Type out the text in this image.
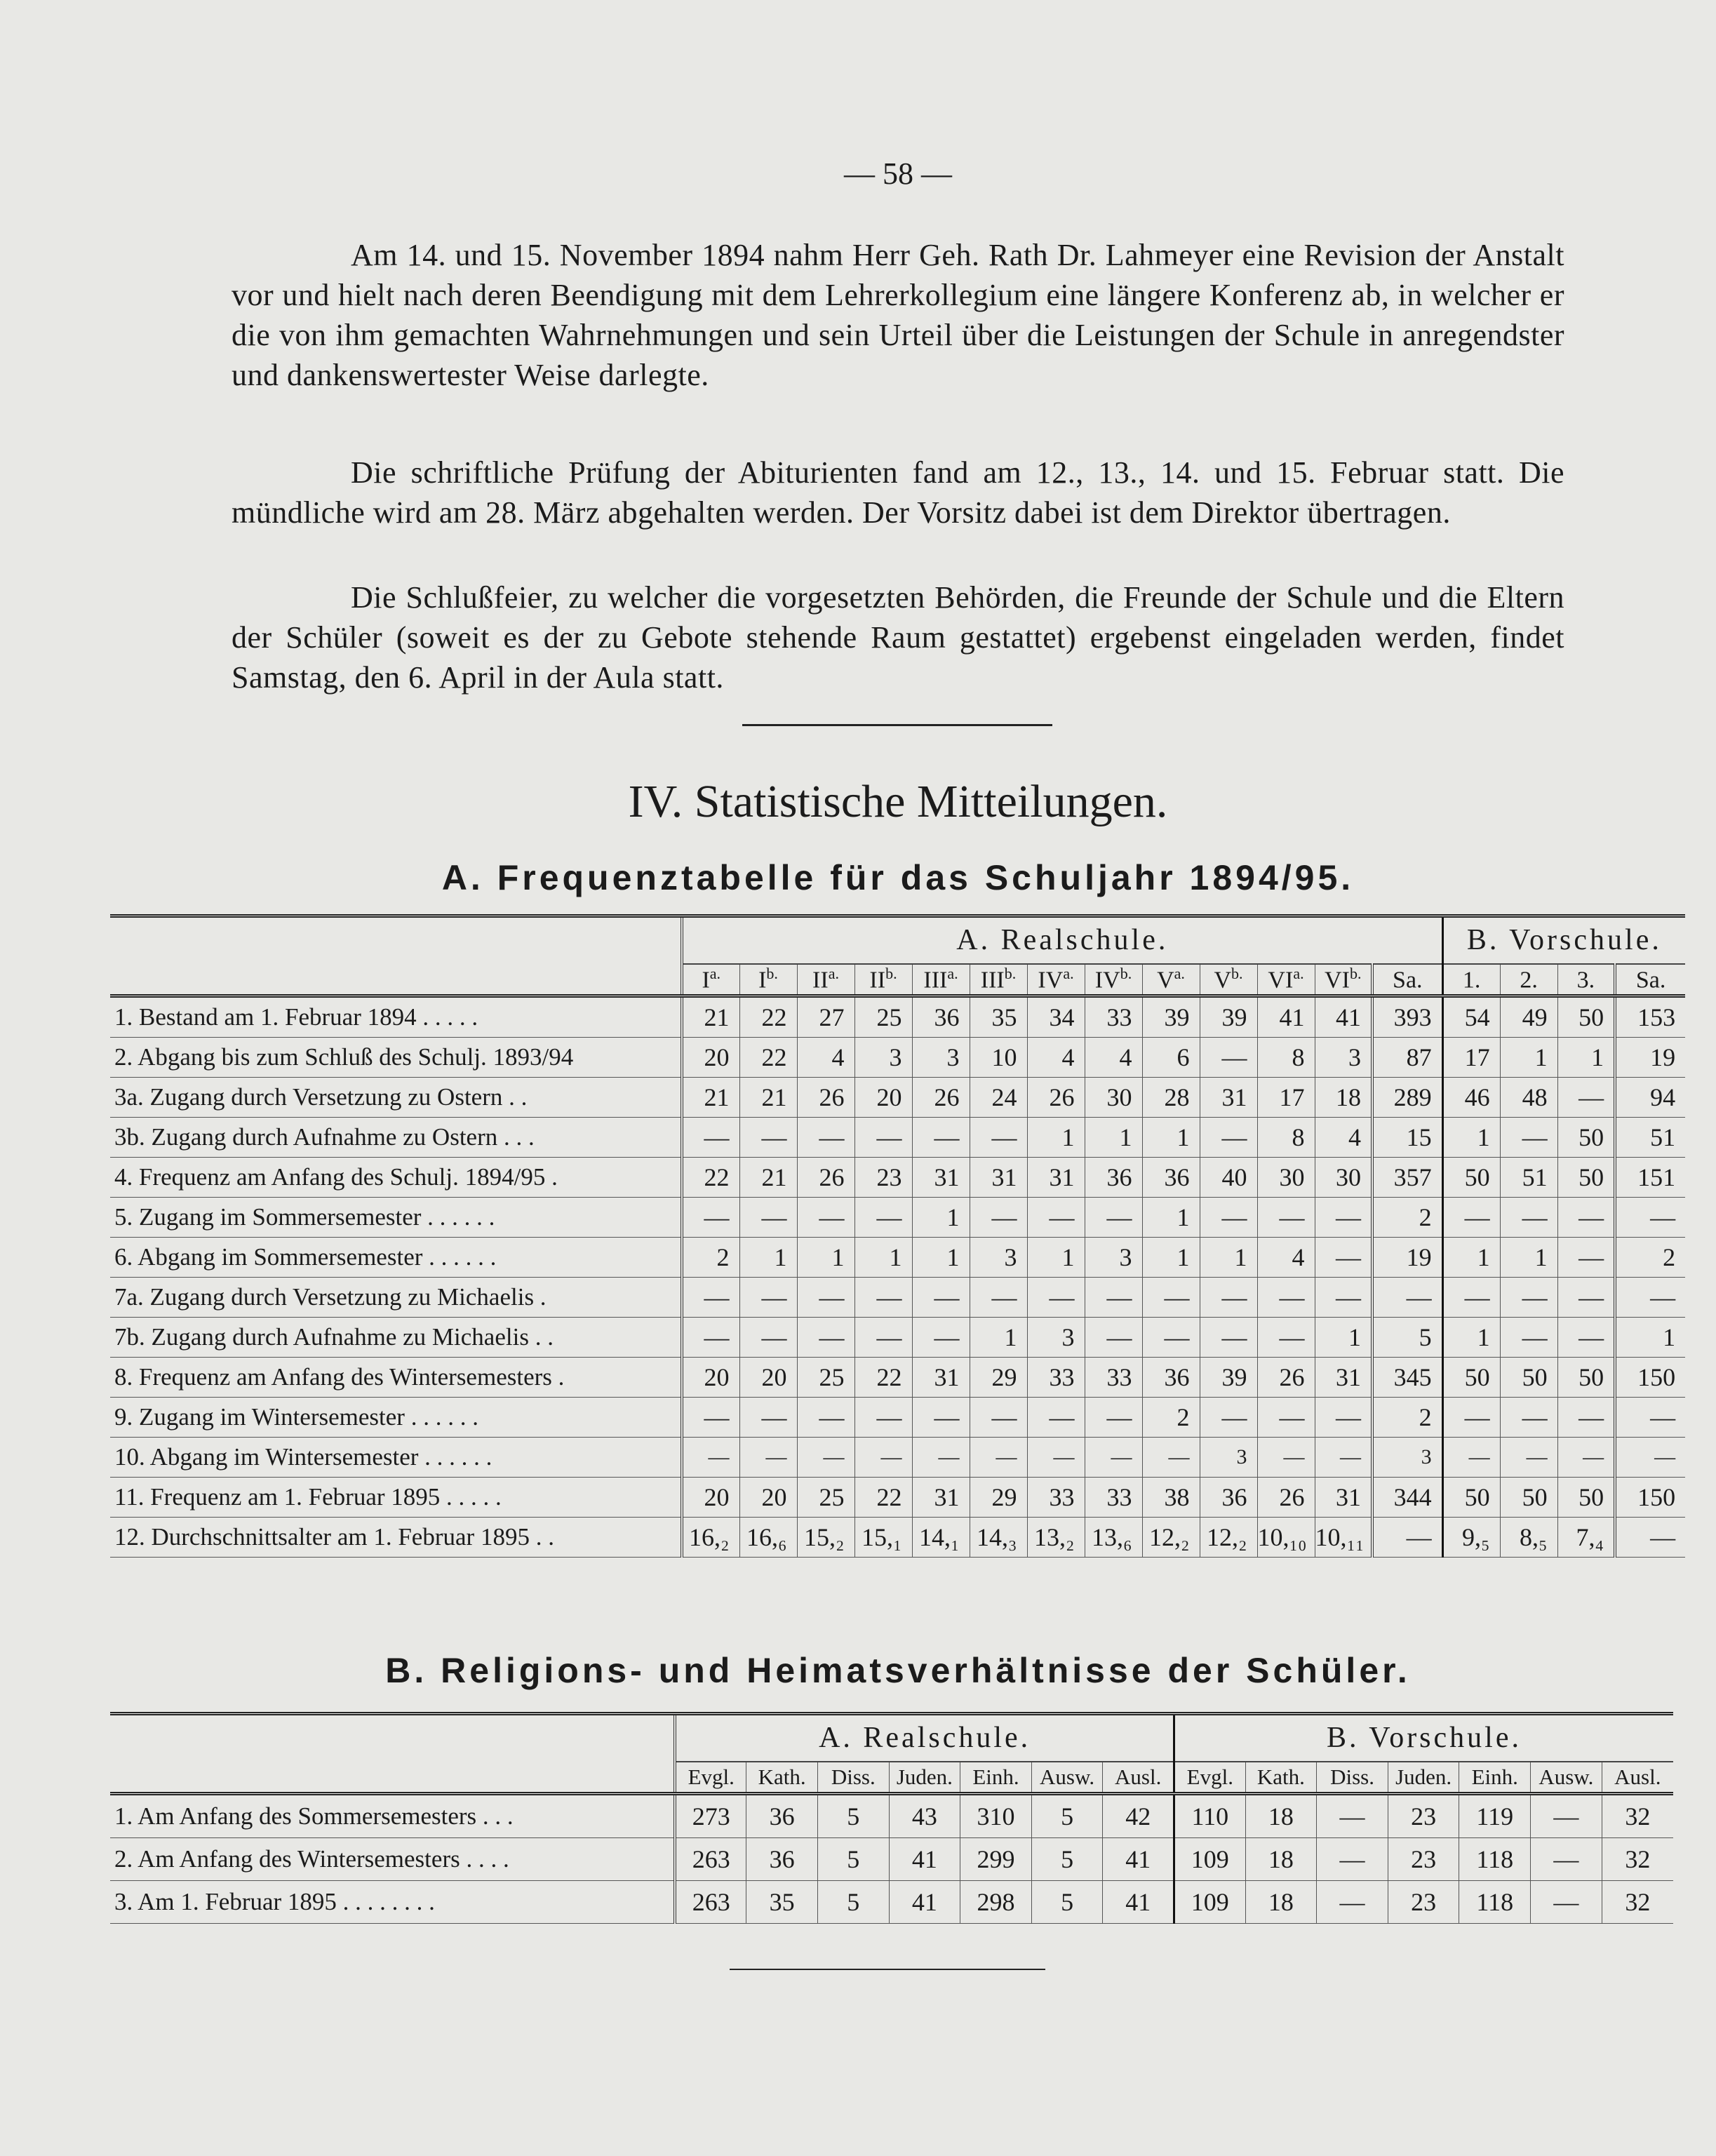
— 58 —
Am 14. und 15. November 1894 nahm Herr Geh. Rath Dr. Lahmeyer eine Revision der Anstalt vor und hielt nach deren Beendigung mit dem Lehrerkollegium eine längere Konferenz ab, in welcher er die von ihm gemachten Wahrnehmungen und sein Urteil über die Leistungen der Schule in anregendster und dankenswertester Weise darlegte.
Die schriftliche Prüfung der Abiturienten fand am 12., 13., 14. und 15. Februar statt. Die mündliche wird am 28. März abgehalten werden. Der Vorsitz dabei ist dem Direktor übertragen.
Die Schlußfeier, zu welcher die vorgesetzten Behörden, die Freunde der Schule und die Eltern der Schüler (soweit es der zu Gebote stehende Raum gestattet) ergebenst eingeladen werden, findet Samstag, den 6. April in der Aula statt.
IV. Statistische Mitteilungen.
A. Frequenztabelle für das Schuljahr 1894/95.
	A. Realschule.													B. Vorschule.			
	$I^{a.}$	$I^{b.}$	$II^{a.}$	$II^{b.}$	$III^{a.}$	$III^{b.}$	$IV^{a.}$	$IV^{b.}$	$V^{a.}$	$V^{b.}$	$VI^{a.}$	$VI^{b.}$	Sa.	1.	2.	3.	Sa.
1. Bestand am 1. Februar 1894 . . . . .	21	22	27	25	36	35	34	33	39	39	41	41	393	54	49	50	153
2. Abgang bis zum Schluß des Schulj. 1893/94	20	22	4	3	3	10	4	4	6	—	8	3	87	17	1	1	19
3a. Zugang durch Versetzung zu Ostern . .	21	21	26	20	26	24	26	30	28	31	17	18	289	46	48	—	94
3b. Zugang durch Aufnahme zu Ostern . . .	—	—	—	—	—	—	1	1	1	—	8	4	15	1	—	50	51
4. Frequenz am Anfang des Schulj. 1894/95 .	22	21	26	23	31	31	31	36	36	40	30	30	357	50	51	50	151
5. Zugang im Sommersemester . . . . . .	—	—	—	—	1	—	—	—	1	—	—	—	2	—	—	—	—
6. Abgang im Sommersemester . . . . . .	2	1	1	1	1	3	1	3	1	1	4	—	19	1	1	—	2
7a. Zugang durch Versetzung zu Michaelis .	—	—	—	—	—	—	—	—	—	—	—	—	—	—	—	—	—
7b. Zugang durch Aufnahme zu Michaelis . .	—	—	—	—	—	1	3	—	—	—	—	1	5	1	—	—	1
8. Frequenz am Anfang des Wintersemesters .	20	20	25	22	31	29	33	33	36	39	26	31	345	50	50	50	150
9. Zugang im Wintersemester . . . . . .	—	—	—	—	—	—	—	—	2	—	—	—	2	—	—	—	—
10. Abgang im Wintersemester . . . . . .	—	—	—	—	—	—	—	—	—	3	—	—	3	—	—	—	—
11. Frequenz am 1. Februar 1895 . . . . .	20	20	25	22	31	29	33	33	38	36	26	31	344	50	50	50	150
12. Durchschnittsalter am 1. Februar 1895 . .	16,₂	16,₆	15,₂	15,₁	14,₁	14,₃	13,₂	13,₆	12,₂	12,₂	10,₁₀	10,₁₁	—	9,₅	8,₅	7,₄	—
B. Religions- und Heimatsverhältnisse der Schüler.
	A. Realschule.							B. Vorschule.						
	Evgl.	Kath.	Diss.	Juden.	Einh.	Ausw.	Ausl.	Evgl.	Kath.	Diss.	Juden.	Einh.	Ausw.	Ausl.
1. Am Anfang des Sommersemesters . . .	273	36	5	43	310	5	42	110	18	—	23	119	—	32
2. Am Anfang des Wintersemesters . . . .	263	36	5	41	299	5	41	109	18	—	23	118	—	32
3. Am 1. Februar 1895 . . . . . . . .	263	35	5	41	298	5	41	109	18	—	23	118	—	32
